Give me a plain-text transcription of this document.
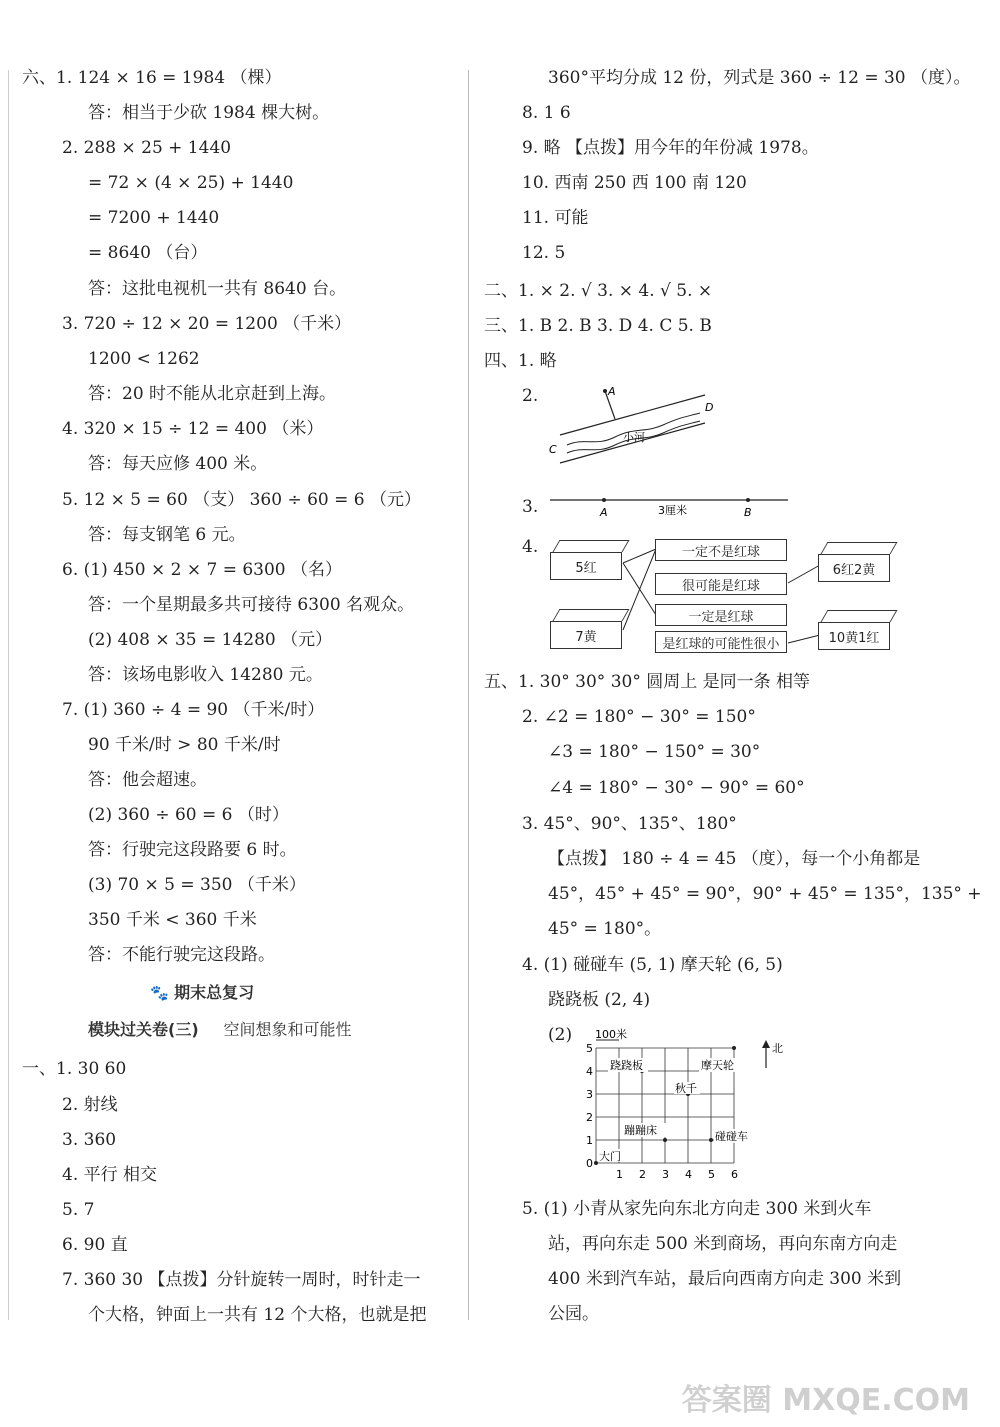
六、1. 124 × 16 = 1984 （棵）
答：相当于少砍 1984 棵大树。
2. 288 × 25 + 1440
= 72 × (4 × 25) + 1440
= 7200 + 1440
= 8640 （台）
答：这批电视机一共有 8640 台。
3. 720 ÷ 12 × 20 = 1200 （千米）
1200 < 1262
答：20 时不能从北京赶到上海。
4. 320 × 15 ÷ 12 = 400 （米）
答：每天应修 400 米。
5. 12 × 5 = 60 （支） 360 ÷ 60 = 6 （元）
答：每支钢笔 6 元。
6. (1) 450 × 2 × 7 = 6300 （名）
答：一个星期最多共可接待 6300 名观众。
(2) 408 × 35 = 14280 （元）
答：该场电影收入 14280 元。
7. (1) 360 ÷ 4 = 90 （千米/时）
90 千米/时 > 80 千米/时
答：他会超速。
(2) 360 ÷ 60 = 6 （时）
答：行驶完这段路要 6 时。
(3) 70 × 5 = 350 （千米）
350 千米 < 360 千米
答：不能行驶完这段路。
🐾 期末总复习
模块过关卷(三) 空间想象和可能性
一、1. 30 60
2. 射线
3. 360
4. 平行 相交
5. 7
6. 90 直
7. 360 30 【点拨】分针旋转一周时，时针走一
个大格，钟面上一共有 12 个大格，也就是把
360°平均分成 12 份，列式是 360 ÷ 12 = 30 （度）。
8. 1 6
9. 略 【点拨】用今年的年份减 1978。
10. 西南 250 西 100 南 120
11. 可能
12. 5
二、1. × 2. √ 3. × 4. √ 5. ×
三、1. B 2. B 3. D 4. C 5. B
四、1. 略
2.	A
C
D
小河
3.	A	B
3厘米
4.
5红
7黄
一定不是红球
很可能是红球
一定是红球
是红球的可能性很小
6红2黄
10黄1红
五、1. 30° 30° 30° 圆周上 是同一条 相等
2. ∠2 = 180° − 30° = 150°
∠3 = 180° − 150° = 30°
∠4 = 180° − 30° − 90° = 60°
3. 45°、90°、135°、180°
【点拨】 180 ÷ 4 = 45 （度），每一个小角都是
45°，45° + 45° = 90°，90° + 45° = 135°，135° +
45° = 180°。
4. (1) 碰碰车 (5, 1) 摩天轮 (6, 5)
跷跷板 (2, 4)
(2) 100米
北
0
1
2
3
4
5
1 2 3 4 5 6
跷跷板	摩天轮
秋千
蹦蹦床	碰碰车
大门
5. (1) 小青从家先向东北方向走 300 米到火车
站，再向东走 500 米到商场，再向东南方向走
400 米到汽车站，最后向西南方向走 300 米到
公园。
答案圈 MXQE.COM
